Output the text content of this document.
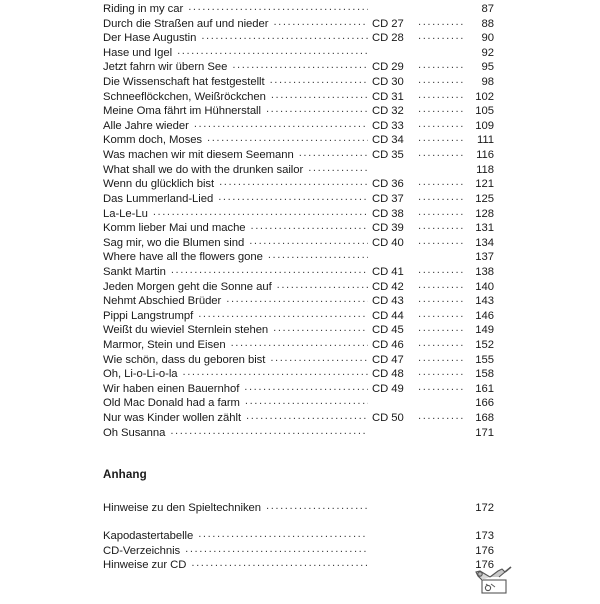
Riding in my car .....	87
Durch die Straßen auf und nieder .....	CD 27 .....	88
Der Hase Augustin .....	CD 28 .....	90
Hase und Igel .....	92
Jetzt fahrn wir übern See .....	CD 29 .....	95
Die Wissenschaft hat festgestellt .....	CD 30 .....	98
Schneeflöckchen, Weißröckchen .....	CD 31 .....	102
Meine Oma fährt im Hühnerstall .....	CD 32 .....	105
Alle Jahre wieder .....	CD 33 .....	109
Komm doch, Moses .....	CD 34 .....	111
Was machen wir mit diesem Seemann .....	CD 35 .....	116
What shall we do with the drunken sailor .....	118
Wenn du glücklich bist .....	CD 36 .....	121
Das Lummerland-Lied .....	CD 37 .....	125
La-Le-Lu .....	CD 38 .....	128
Komm lieber Mai und mache .....	CD 39 .....	131
Sag mir, wo die Blumen sind .....	CD 40 .....	134
Where have all the flowers gone .....	137
Sankt Martin .....	CD 41 .....	138
Jeden Morgen geht die Sonne auf .....	CD 42 .....	140
Nehmt Abschied Brüder .....	CD 43 .....	143
Pippi Langstrumpf .....	CD 44 .....	146
Weißt du wieviel Sternlein stehen .....	CD 45 .....	149
Marmor, Stein und Eisen .....	CD 46 .....	152
Wie schön, dass du geboren bist .....	CD 47 .....	155
Oh, Li-o-Li-o-la .....	CD 48 .....	158
Wir haben einen Bauernhof .....	CD 49 .....	161
Old Mac Donald had a farm .....	166
Nur was Kinder wollen zählt .....	CD 50 .....	168
Oh Susanna .....	171
Anhang
Hinweise zu den Spieltechniken .....	172
Kapodastertabelle .....	173
CD-Verzeichnis .....	176
Hinweise zur CD .....	176
